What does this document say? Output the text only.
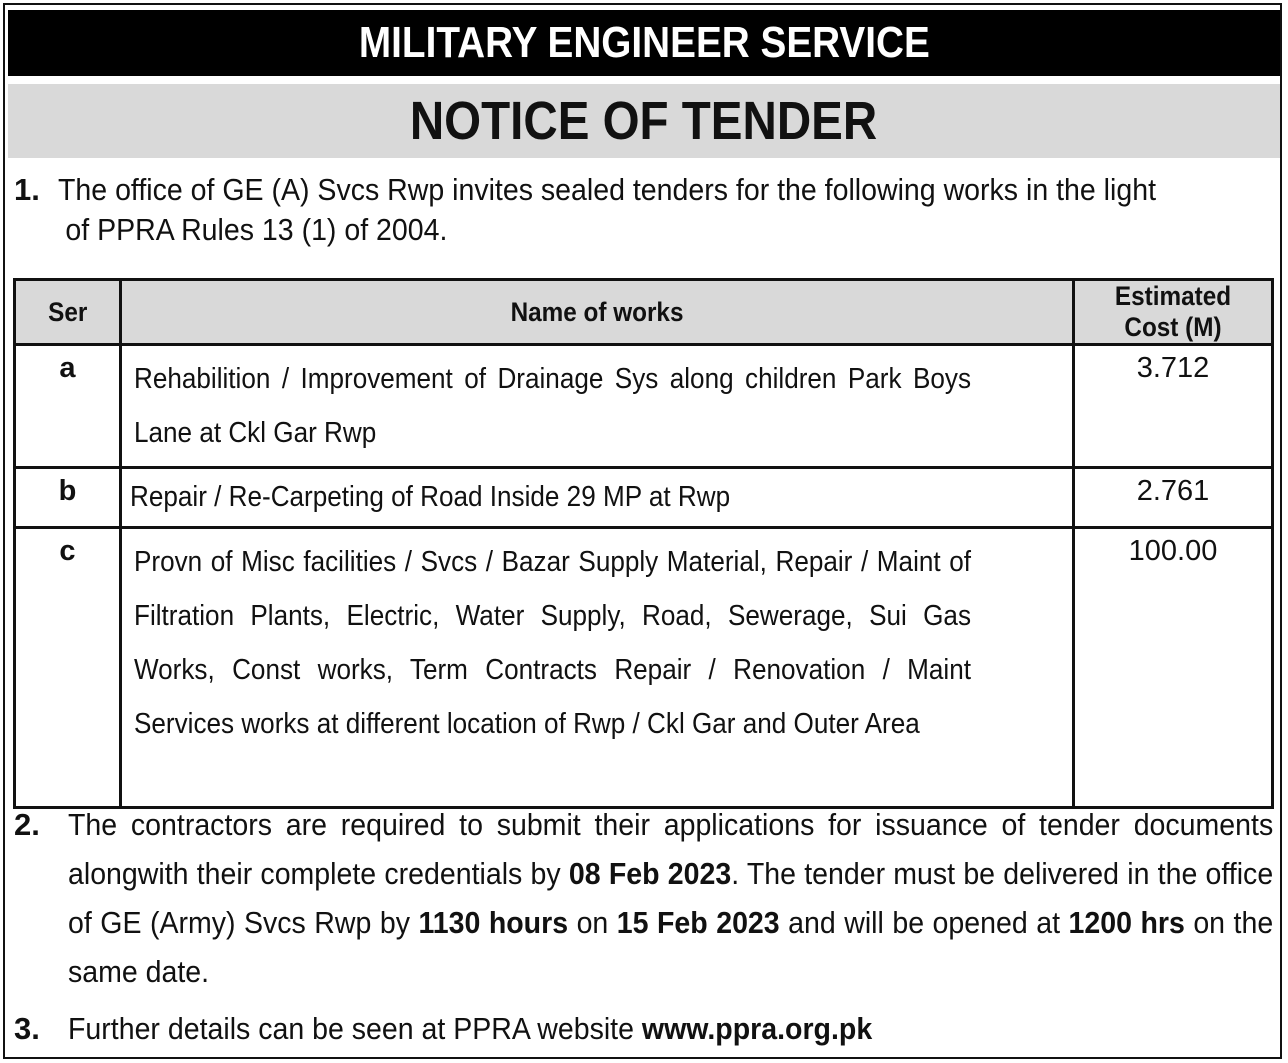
MILITARY ENGINEER SERVICE
NOTICE OF TENDER
1. The office of GE (A) Svcs Rwp invites sealed tenders for the following works in the light
of PPRA Rules 13 (1) of 2004.
Ser	Name of works	Estimated Cost (M)
a	Rehabilition / Improvement of Drainage Sys along children Park Boys Lane at Ckl Gar Rwp	3.712
b	Repair / Re-Carpeting of Road Inside 29 MP at Rwp	2.761
c	Provn of Misc facilities / Svcs / Bazar Supply Material, Repair / Maint of Filtration Plants, Electric, Water Supply, Road, Sewerage, Sui Gas Works, Const works, Term Contracts Repair / Renovation / Maint Services works at different location of Rwp / Ckl Gar and Outer Area	100.00
2. The contractors are required to submit their applications for issuance of tender documents alongwith their complete credentials by 08 Feb 2023. The tender must be delivered in the office of GE (Army) Svcs Rwp by 1130 hours on 15 Feb 2023 and will be opened at 1200 hrs on the same date.
3. Further details can be seen at PPRA website www.ppra.org.pk
